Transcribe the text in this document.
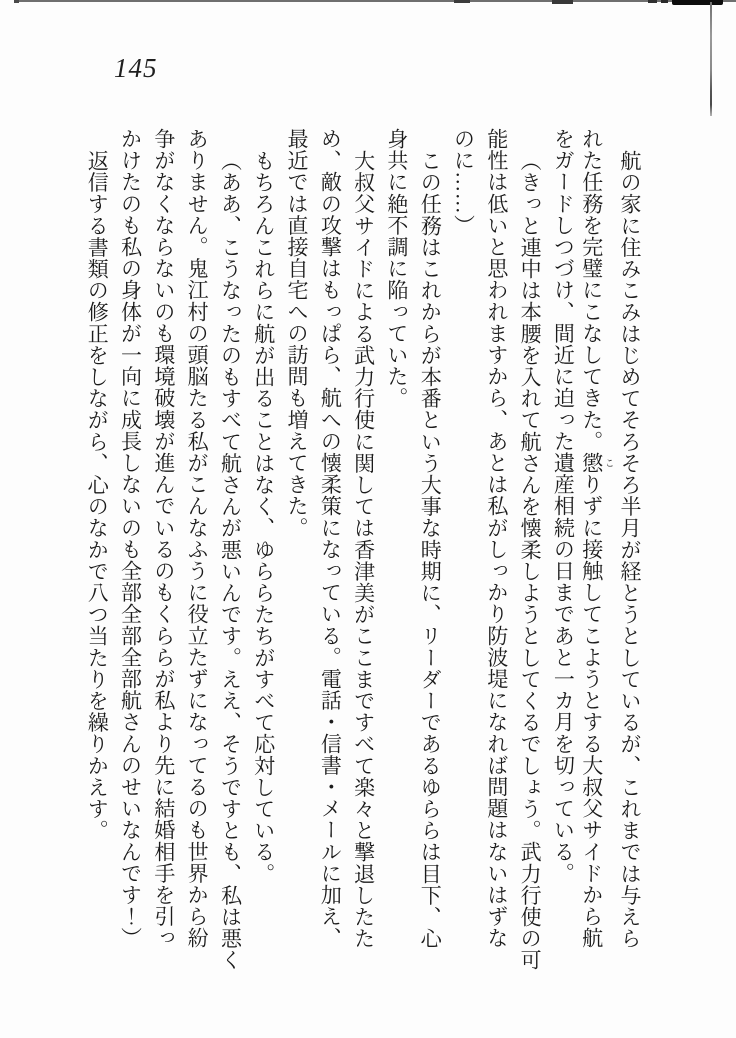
145
航の家に住みこみはじめてそろそろ半月が経とうとしているが、これまでは与えら
れた任務を完璧にこなしてきた。懲 こりずに接触してこようとする大叔父サイドから航
をガードしつづけ、間近に迫った遺産相続の日まであと一カ月を切っている。
（きっと連中は本腰を入れて航さんを懐柔しようとしてくるでしょう。武力行使の可
能性は低いと思われますから、あとは私がしっかり防波堤になれば問題はないはずな
のに……）
この任務はこれからが本番という大事な時期に、リーダーであるゆららは目下、心
身共に絶不調に陥っていた。
大叔父サイドによる武力行使に関しては香津美がここまですべて楽々と撃退したた
め、敵の攻撃はもっぱら、航への懐柔策になっている。電話・信書・メールに加え、
最近では直接自宅への訪問も増えてきた。
もちろんこれらに航が出ることはなく、ゆららたちがすべて応対している。
（ああ、こうなったのもすべて航さんが悪いんです。ええ、そうですとも、私は悪く
ありません。鬼江村の頭脳たる私がこんなふうに役立たずになってるのも世界から紛
争がなくならないのも環境破壊が進んでいるのもくららが私より先に結婚相手を引っ
かけたのも私の身体が一向に成長しないのも全部全部全部航さんのせいなんです！）
返信する書類の修正をしながら、心のなかで八つ当たりを繰りかえす。
